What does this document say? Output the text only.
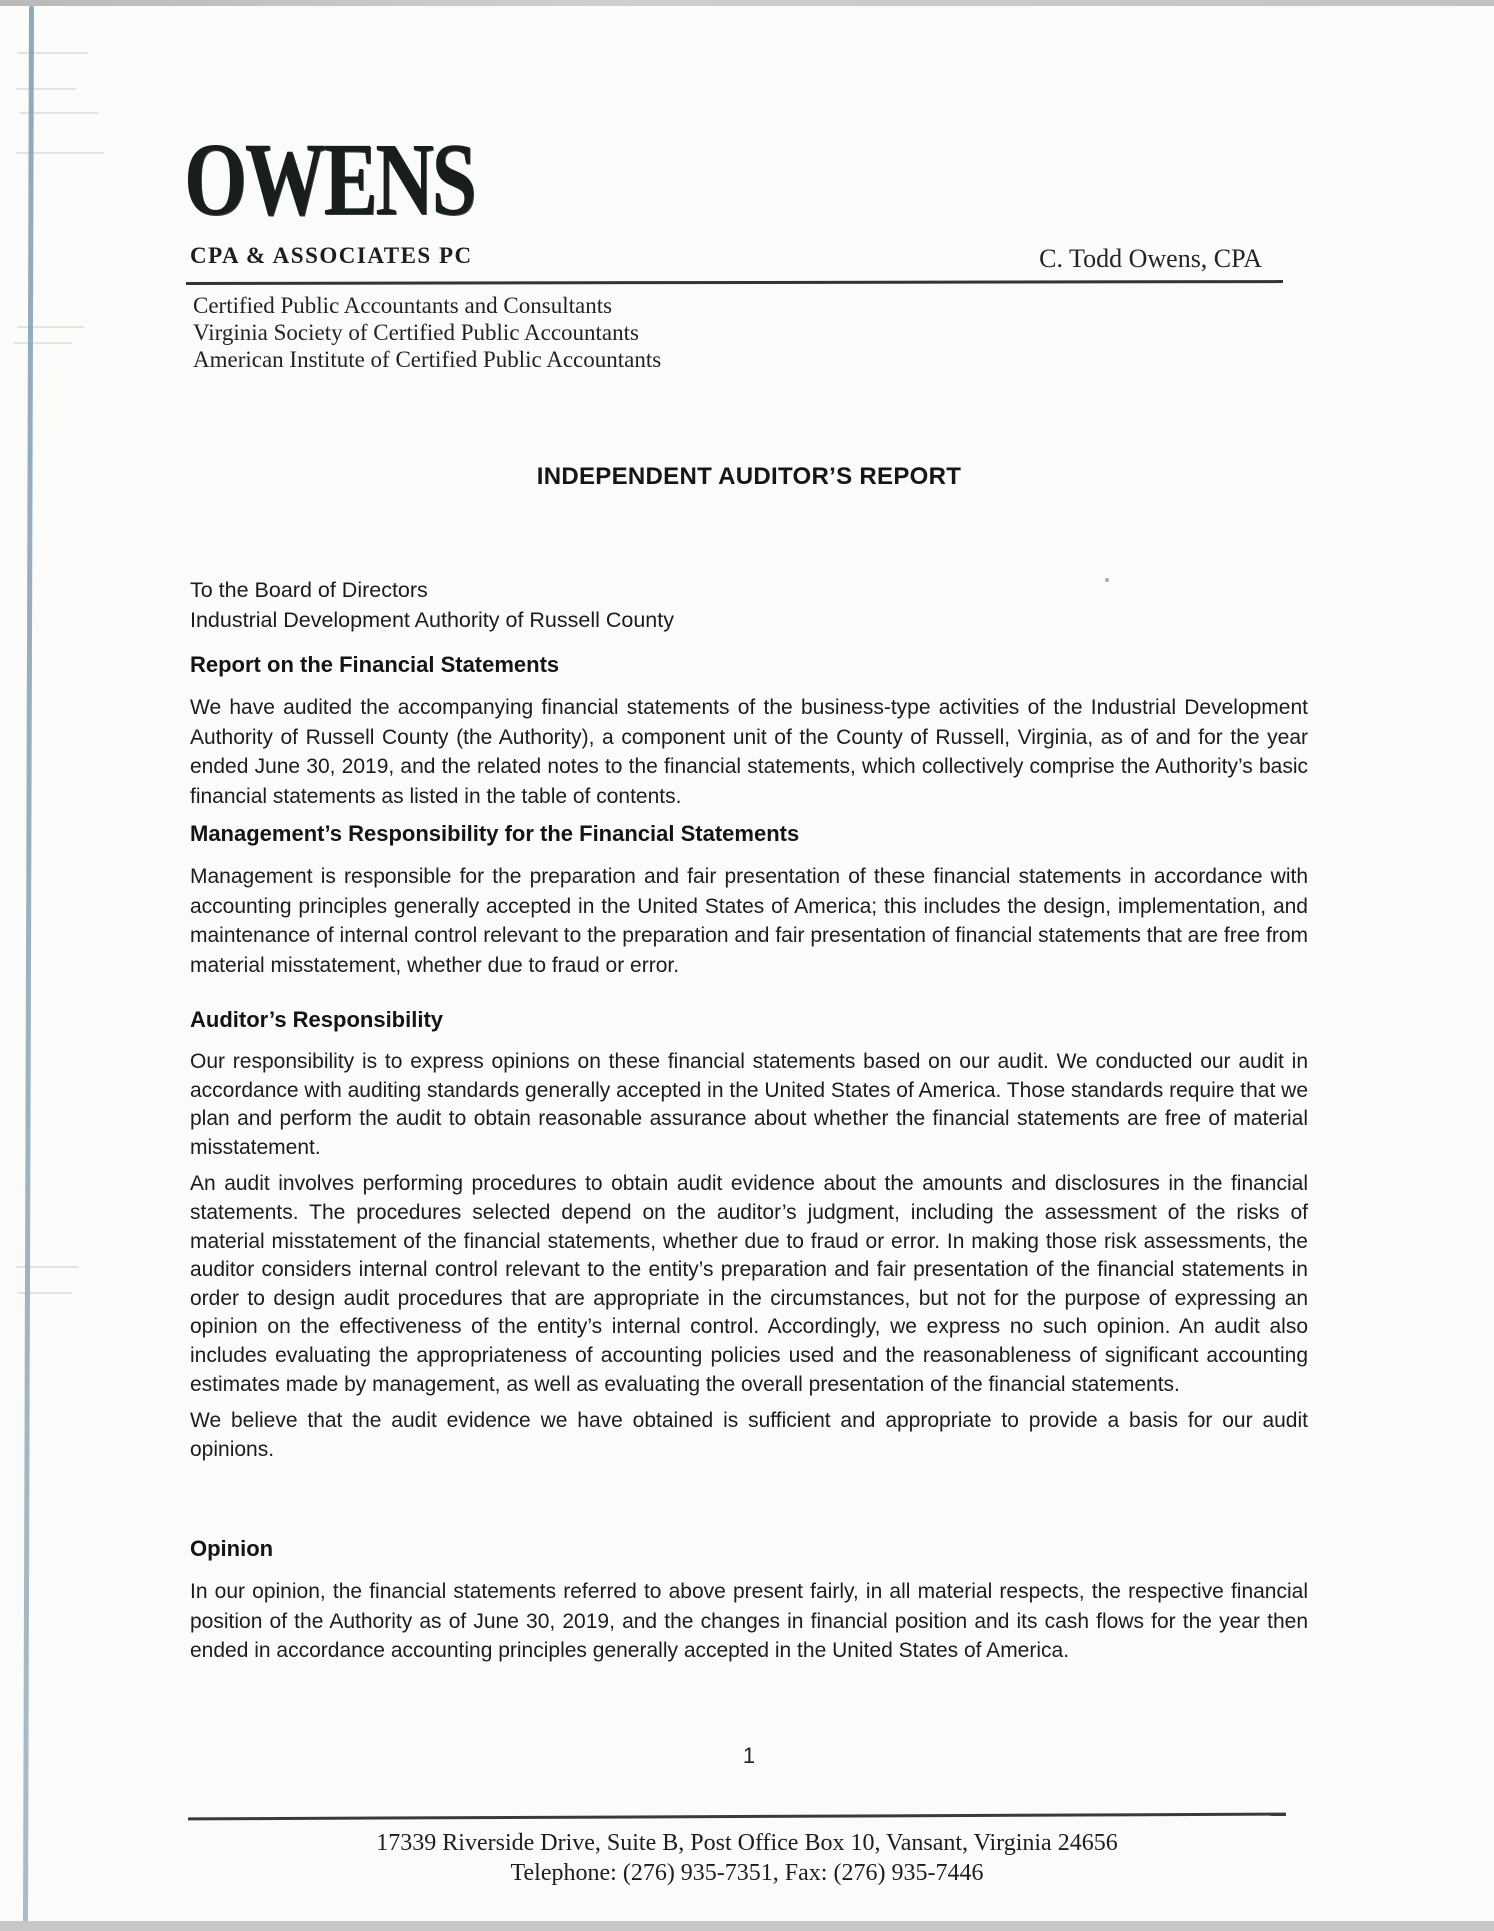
OWENS
CPA & ASSOCIATES PC	C. Todd Owens, CPA
Certified Public Accountants and Consultants
Virginia Society of Certified Public Accountants
American Institute of Certified Public Accountants
INDEPENDENT AUDITOR’S REPORT
To the Board of Directors
Industrial Development Authority of Russell County
Report on the Financial Statements

We have audited the accompanying financial statements of the business-type activities of the Industrial Development Authority of Russell County (the Authority), a component unit of the County of Russell, Virginia, as of and for the year ended June 30, 2019, and the related notes to the financial statements, which collectively comprise the Authority’s basic financial statements as listed in the table of contents.

Management’s Responsibility for the Financial Statements

Management is responsible for the preparation and fair presentation of these financial statements in accordance with accounting principles generally accepted in the United States of America; this includes the design, implementation, and maintenance of internal control relevant to the preparation and fair presentation of financial statements that are free from material misstatement, whether due to fraud or error.

Auditor’s Responsibility

Our responsibility is to express opinions on these financial statements based on our audit. We conducted our audit in accordance with auditing standards generally accepted in the United States of America. Those standards require that we plan and perform the audit to obtain reasonable assurance about whether the financial statements are free of material misstatement.

An audit involves performing procedures to obtain audit evidence about the amounts and disclosures in the financial statements. The procedures selected depend on the auditor’s judgment, including the assessment of the risks of material misstatement of the financial statements, whether due to fraud or error. In making those risk assessments, the auditor considers internal control relevant to the entity’s preparation and fair presentation of the financial statements in order to design audit procedures that are appropriate in the circumstances, but not for the purpose of expressing an opinion on the effectiveness of the entity’s internal control. Accordingly, we express no such opinion. An audit also includes evaluating the appropriateness of accounting policies used and the reasonableness of significant accounting estimates made by management, as well as evaluating the overall presentation of the financial statements.

We believe that the audit evidence we have obtained is sufficient and appropriate to provide a basis for our audit opinions.

Opinion

In our opinion, the financial statements referred to above present fairly, in all material respects, the respective financial position of the Authority as of June 30, 2019, and the changes in financial position and its cash flows for the year then ended in accordance accounting principles generally accepted in the United States of America.

1
17339 Riverside Drive, Suite B, Post Office Box 10, Vansant, Virginia 24656
Telephone: (276) 935-7351, Fax: (276) 935-7446
